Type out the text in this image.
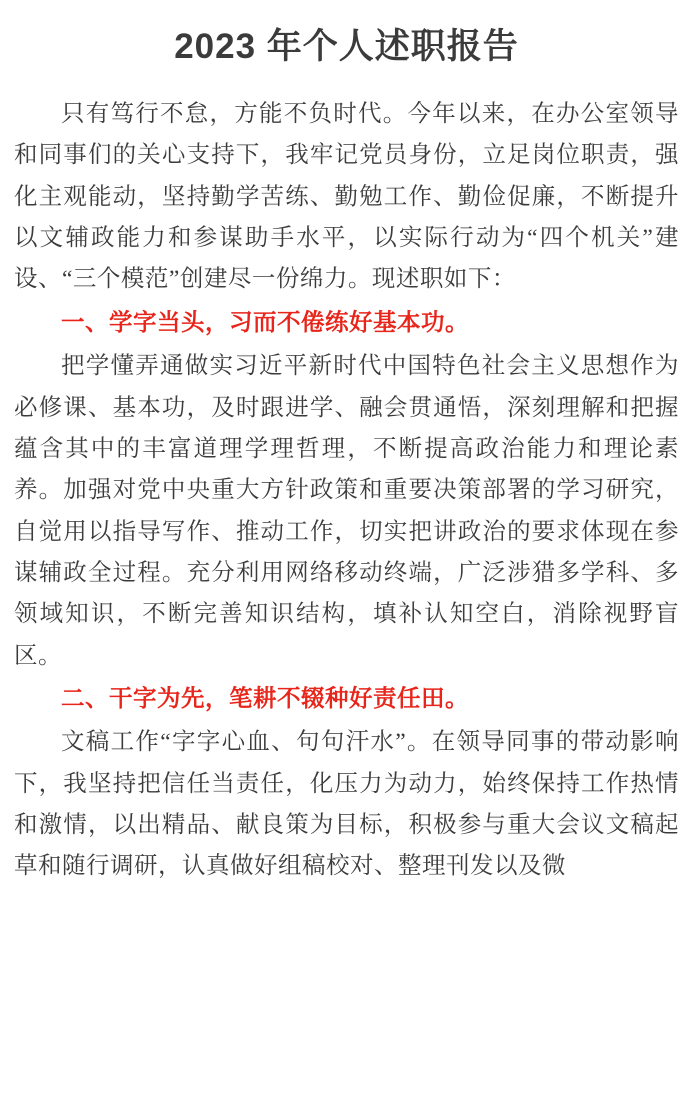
2023 年个人述职报告

只有笃行不怠，方能不负时代。今年以来，在办公室领导和同事们的关心支持下，我牢记党员身份，立足岗位职责，强化主观能动，坚持勤学苦练、勤勉工作、勤俭促廉，不断提升以文辅政能力和参谋助手水平，以实际行动为“四个机关”建设、“三个模范”创建尽一份绵力。现述职如下：

一、学字当头，习而不倦练好基本功。

把学懂弄通做实习近平新时代中国特色社会主义思想作为必修课、基本功，及时跟进学、融会贯通悟，深刻理解和把握蕴含其中的丰富道理学理哲理，不断提高政治能力和理论素养。加强对党中央重大方针政策和重要决策部署的学习研究，自觉用以指导写作、推动工作，切实把讲政治的要求体现在参谋辅政全过程。充分利用网络移动终端，广泛涉猎多学科、多领域知识，不断完善知识结构，填补认知空白，消除视野盲区。

二、干字为先，笔耕不辍种好责任田。

文稿工作“字字心血、句句汗水”。在领导同事的带动影响下，我坚持把信任当责任，化压力为动力，始终保持工作热情和激情，以出精品、献良策为目标，积极参与重大会议文稿起草和随行调研，认真做好组稿校对、整理刊发以及微
